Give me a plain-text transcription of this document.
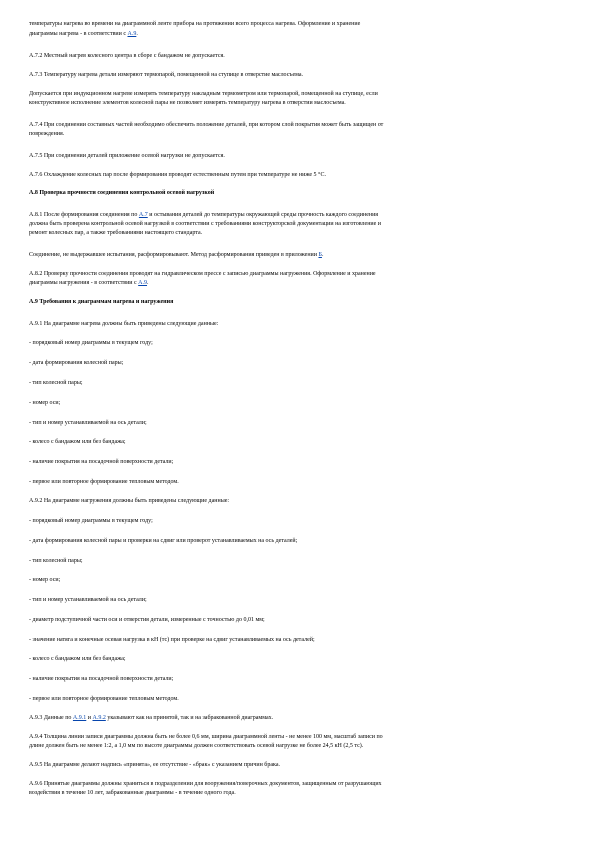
температуры нагрева во времени на диаграммной ленте прибора на протяжении всего процесса нагрева. Оформление и хранение
диаграммы нагрева - в соответствии с А.9.
А.7.2 Местный нагрев колесного центра в сборе с бандажом не допускается.
А.7.3 Температуру нагрева детали измеряют термопарой, помещенной на ступице в отверстие маслосъема.
Допускается при индукционном нагреве измерять температуру накладным термометром или термопарой, помещенной на ступице, если
конструктивное исполнение элементов колесной пары не позволяет измерять температуру нагрева в отверстии маслосъема.
А.7.4 При соединении составных частей необходимо обеспечить положение деталей, при котором слой покрытия может быть защищен от
повреждения.
А.7.5 При соединении деталей приложение осевой нагрузки не допускается.
А.7.6 Охлаждение колесных пар после формирования проводят естественным путем при температуре не ниже 5 °С.
А.8 Проверка прочности соединения контрольной осевой нагрузкой
А.8.1 После формирования соединения по А.7 и остывания деталей до температуры окружающей среды прочность каждого соединения
должна быть проверена контрольной осевой нагрузкой в соответствии с требованиями конструкторской документации на изготовление и
ремонт колесных пар, а также требованиями настоящего стандарта.
Соединение, не выдержавшее испытания, расформировывают. Метод расформирования приведен в приложении Б.
А.8.2 Проверку прочности соединения проводят на гидравлическом прессе с записью диаграммы нагружения. Оформление и хранение
диаграммы нагружения - в соответствии с А.9.
А.9 Требования к диаграммам нагрева и нагружения
А.9.1 На диаграмме нагрева должны быть приведены следующие данные:
- порядковый номер диаграммы в текущем году;
- дата формирования колесной пары;
- тип колесной пары;
- номер оси;
- тип и номер устанавливаемой на ось детали;
- колесо с бандажом или без бандажа;
- наличие покрытия на посадочной поверхности детали;
- первое или повторное формирование тепловым методом.
А.9.2 На диаграмме нагружения должны быть приведены следующие данные:
- порядковый номер диаграммы в текущем году;
- дата формирования колесной пары и проверки на сдвиг или проверот устанавливаемых на ось деталей;
- тип колесной пары;
- номер оси;
- тип и номер устанавливаемой на ось детали;
- диаметр подступичной части оси и отверстия детали, измеренные с точностью до 0,01 мм;
- значение натяга и конечные осевая нагрузка в кН (тс) при проверке на сдвиг устанавливаемых на ось деталей;
- колесо с бандажом или без бандажа;
- наличие покрытия на посадочной поверхности детали;
- первое или повторное формирование тепловым методом.
А.9.3 Данные по А.9.1 и А.9.2 указывают как на принятой, так и на забракованной диаграммах.
А.9.4 Толщина линии записи диаграммы должна быть не более 0,6 мм, ширина диаграммной ленты - не менее 100 мм, масштаб записи по
длине должен быть не менее 1:2, а 1,0 мм по высоте диаграммы должен соответствовать осевой нагрузке не более 24,5 кН (2,5 тс).
А.9.5 На диаграмме делают надпись «принята», ее отсутствие - «брак» с указанием причин брака.
А.9.6 Принятые диаграммы должны храниться в подразделении для вооружения/поверочных документов, защищенным от разрушающих
воздействия в течение 10 лет, забракованные диаграммы - в течение одного года.
